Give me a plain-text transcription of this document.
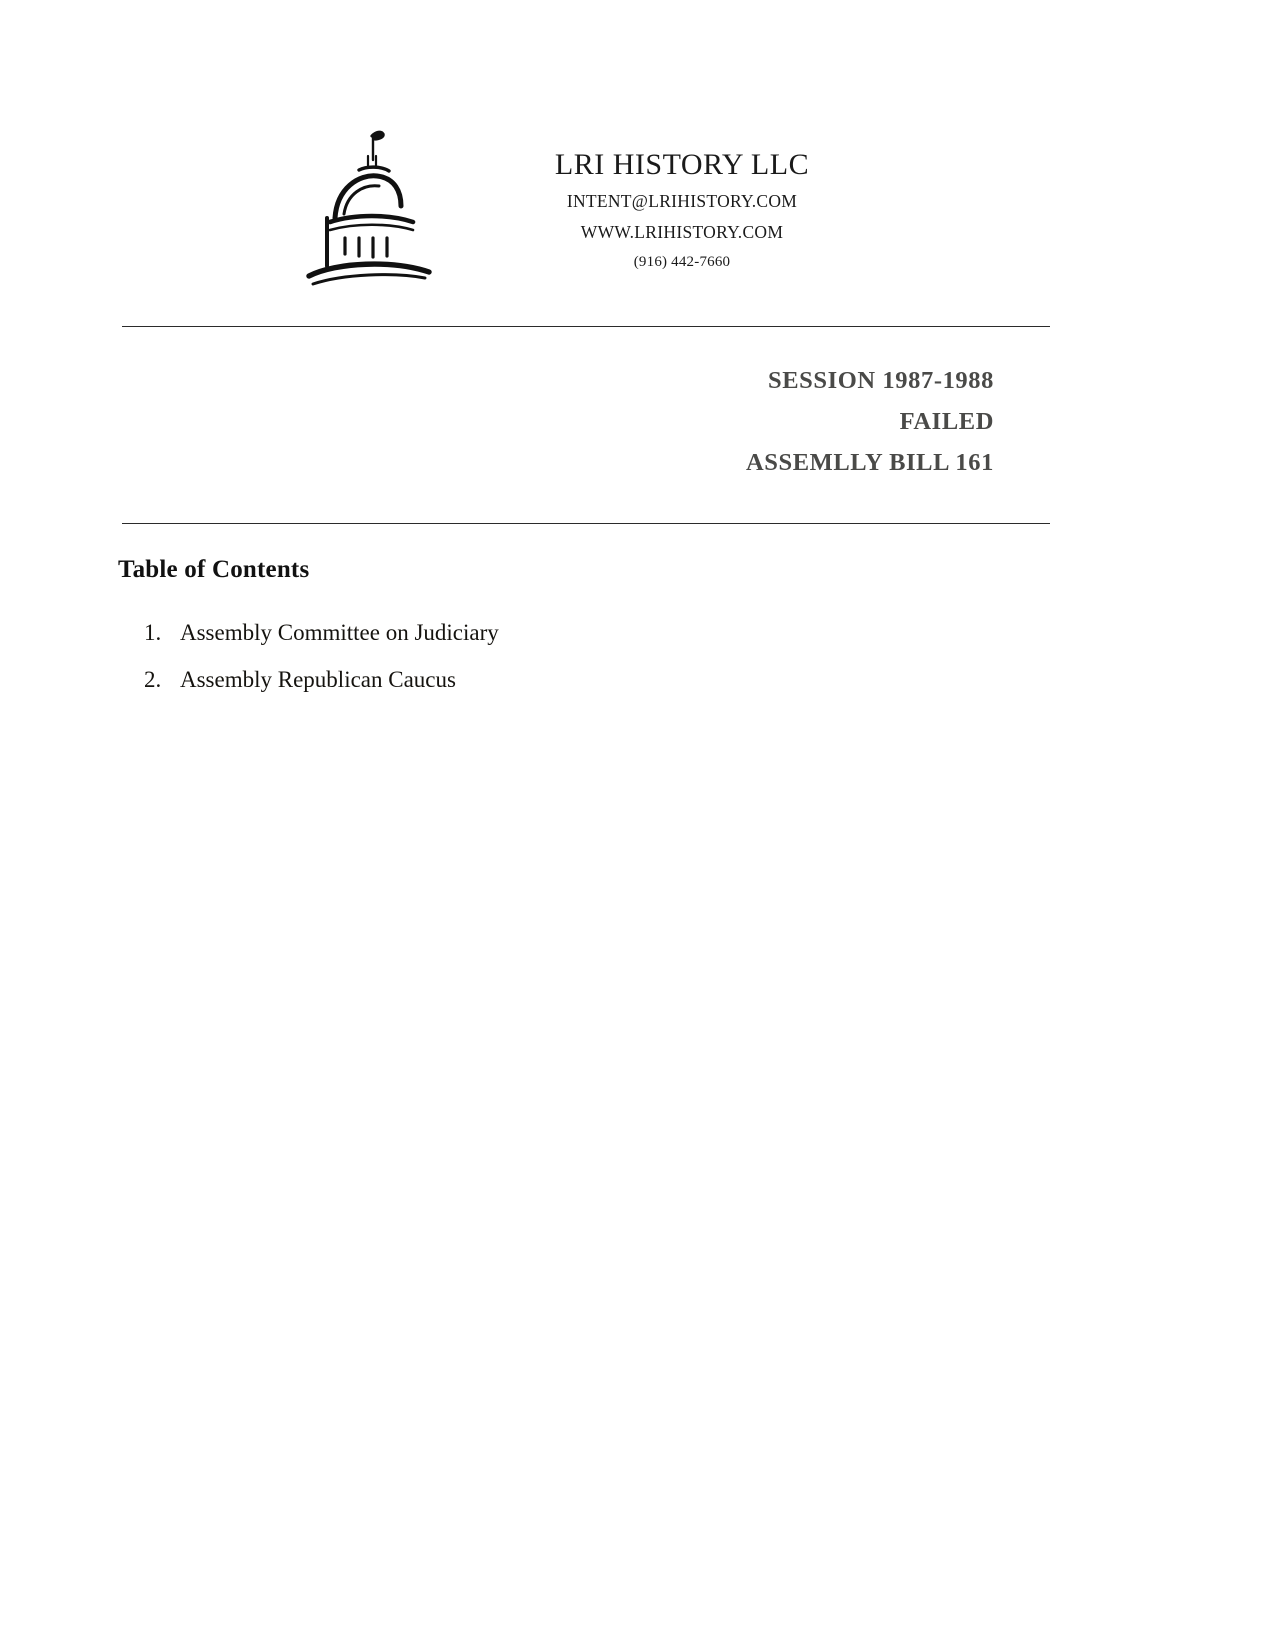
LRI HISTORY LLC
INTENT@LRIHISTORY.COM
WWW.LRIHISTORY.COM
(916) 442-7660
SESSION 1987-1988
FAILED
ASSEMLLY BILL 161
Table of Contents
1. Assembly Committee on Judiciary
2. Assembly Republican Caucus
